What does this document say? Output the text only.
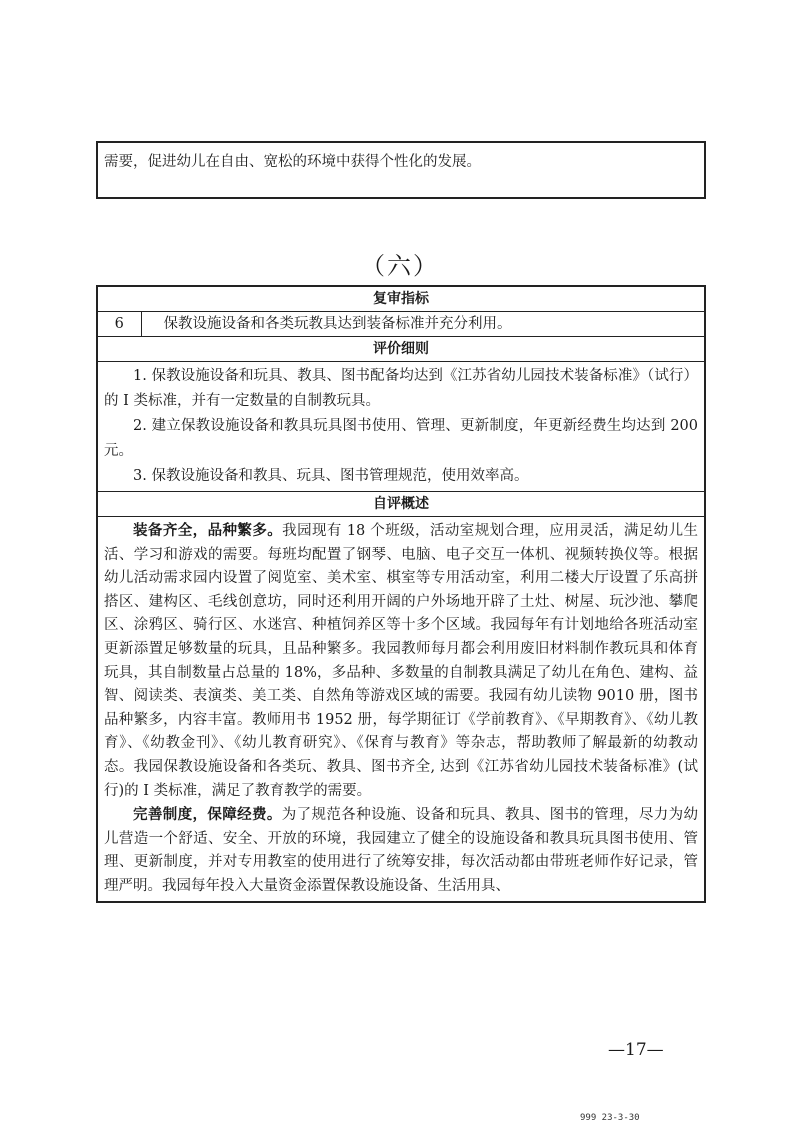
需要，促进幼儿在自由、宽松的环境中获得个性化的发展。
（六）
复审指标
6	保教设施设备和各类玩教具达到装备标准并充分利用。
评价细则

1. 保教设施设备和玩具、教具、图书配备均达到《江苏省幼儿园技术装备标准》（试行）的 I 类标准，并有一定数量的自制教玩具。

2. 建立保教设施设备和教具玩具图书使用、管理、更新制度，年更新经费生均达到 200 元。

3. 保教设施设备和教具、玩具、图书管理规范，使用效率高。

自评概述

装备齐全，品种繁多。我园现有 18 个班级，活动室规划合理，应用灵活，满足幼儿生活、学习和游戏的需要。每班均配置了钢琴、电脑、电子交互一体机、视频转换仪等。根据幼儿活动需求园内设置了阅览室、美术室、棋室等专用活动室，利用二楼大厅设置了乐高拼搭区、建构区、毛线创意坊，同时还利用开阔的户外场地开辟了土灶、树屋、玩沙池、攀爬区、涂鸦区、骑行区、水迷宫、种植饲养区等十多个区域。我园每年有计划地给各班活动室更新添置足够数量的玩具，且品种繁多。我园教师每月都会利用废旧材料制作教玩具和体育玩具，其自制数量占总量的 18%，多品种、多数量的自制教具满足了幼儿在角色、建构、益智、阅读类、表演类、美工类、自然角等游戏区域的需要。我园有幼儿读物 9010 册，图书品种繁多，内容丰富。教师用书 1952 册，每学期征订《学前教育》、《早期教育》、《幼儿教育》、《幼教金刊》、《幼儿教育研究》、《保育与教育》等杂志，帮助教师了解最新的幼教动态。我园保教设施设备和各类玩、教具、图书齐全, 达到《江苏省幼儿园技术装备标准》(试行)的 I 类标准，满足了教育教学的需要。

完善制度，保障经费。为了规范各种设施、设备和玩具、教具、图书的管理，尽力为幼儿营造一个舒适、安全、开放的环境，我园建立了健全的设施设备和教具玩具图书使用、管理、更新制度，并对专用教室的使用进行了统筹安排，每次活动都由带班老师作好记录，管理严明。我园每年投入大量资金添置保教设施设备、生活用具、

—17—
999 23-3-30
